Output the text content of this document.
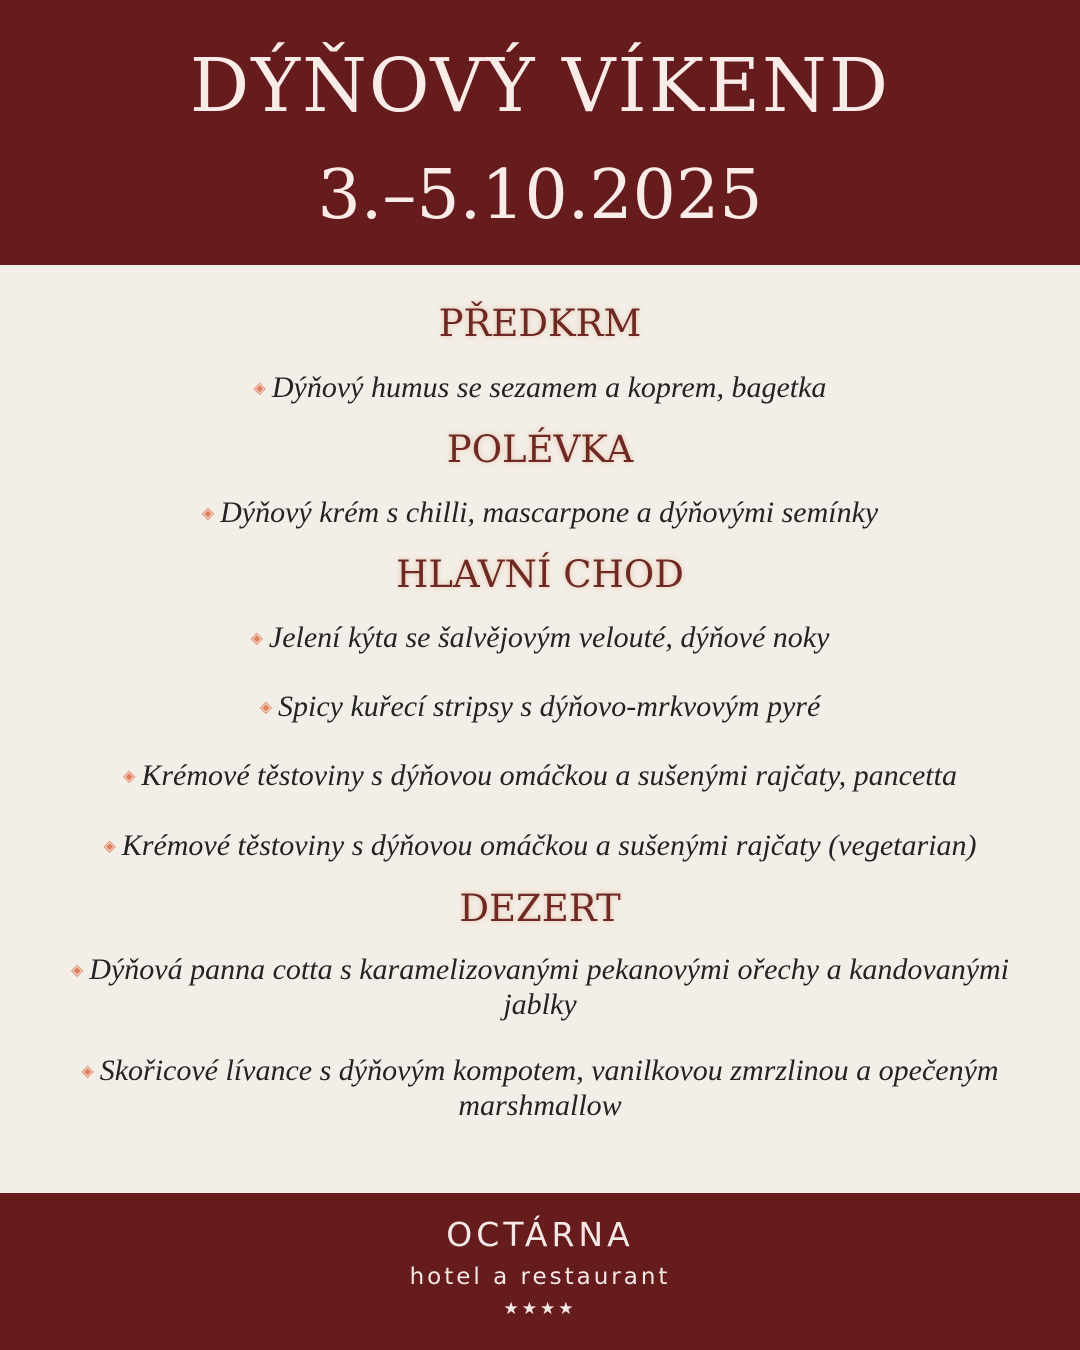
DÝŇOVÝ VÍKEND
3.–5.10.2025
PŘEDKRM
◈ Dýňový humus se sezamem a koprem, bagetka
POLÉVKA
◈ Dýňový krém s chilli, mascarpone a dýňovými semínky
HLAVNÍ CHOD
◈ Jelení kýta se šalvějovým velouté, dýňové noky
◈ Spicy kuřecí stripsy s dýňovo-mrkvovým pyré
◈ Krémové těstoviny s dýňovou omáčkou a sušenými rajčaty, pancetta
◈ Krémové těstoviny s dýňovou omáčkou a sušenými rajčaty (vegetarian)
DEZERT
◈ Dýňová panna cotta s karamelizovanými pekanovými ořechy a kandovanými jablky
◈ Skořicové lívance s dýňovým kompotem, vanilkovou zmrzlinou a opečeným marshmallow
OCTÁRNA
hotel a restaurant
★★★★
